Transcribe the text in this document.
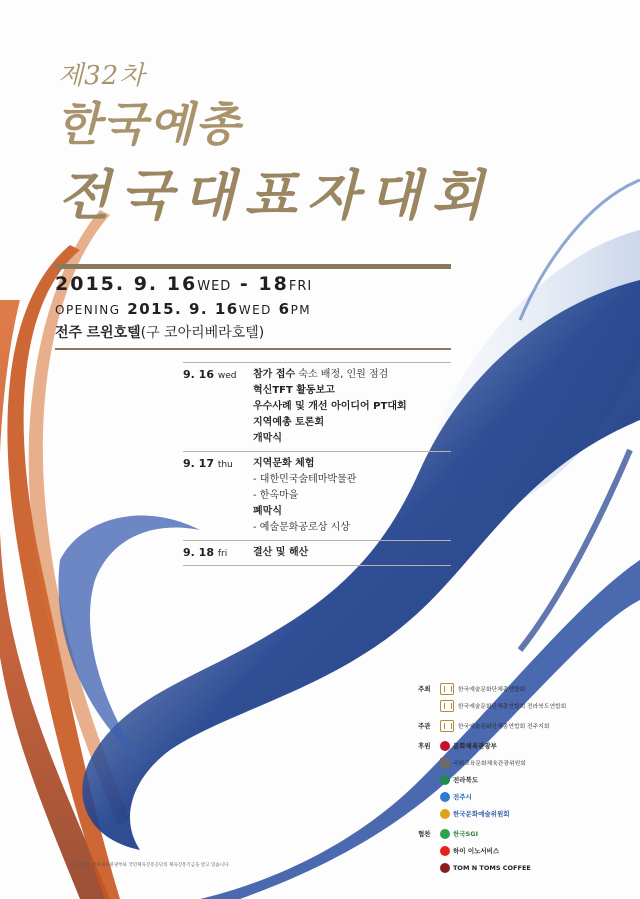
제32차
한국예총
전국대표자대회
2015. 9. 16WED - 18FRI
OPENING 2015. 9. 16WED 6PM
전주 르윈호텔(구 코아리베라호텔)
9. 16 wed	참가 접수 숙소 배정, 인원 점검
혁신TFT 활동보고
우수사례 및 개선 아이디어 PT대회
지역예총 토론회
개막식
9. 17 thu	지역문화 체험
- 대한민국술테마박물관
- 한옥마을
폐막식
- 예술문화공로상 시상
9. 18 fri	결산 및 해산
주최	한국예술문화단체총연합회
한국예술문화단체총연합회 전라북도연합회
주관	한국예술문화단체총연합회 전주지회
후원	문화체육관광부
국회교육문화체육관광위원회
전라북도
전주시
한국문화예술위원회
협찬	한국SGI
하이 이노서비스
TOM N TOMS COFFEE
본 사업은 문화체육관광부와 국민체육진흥공단의 체육진흥기금을 받고 있습니다.
